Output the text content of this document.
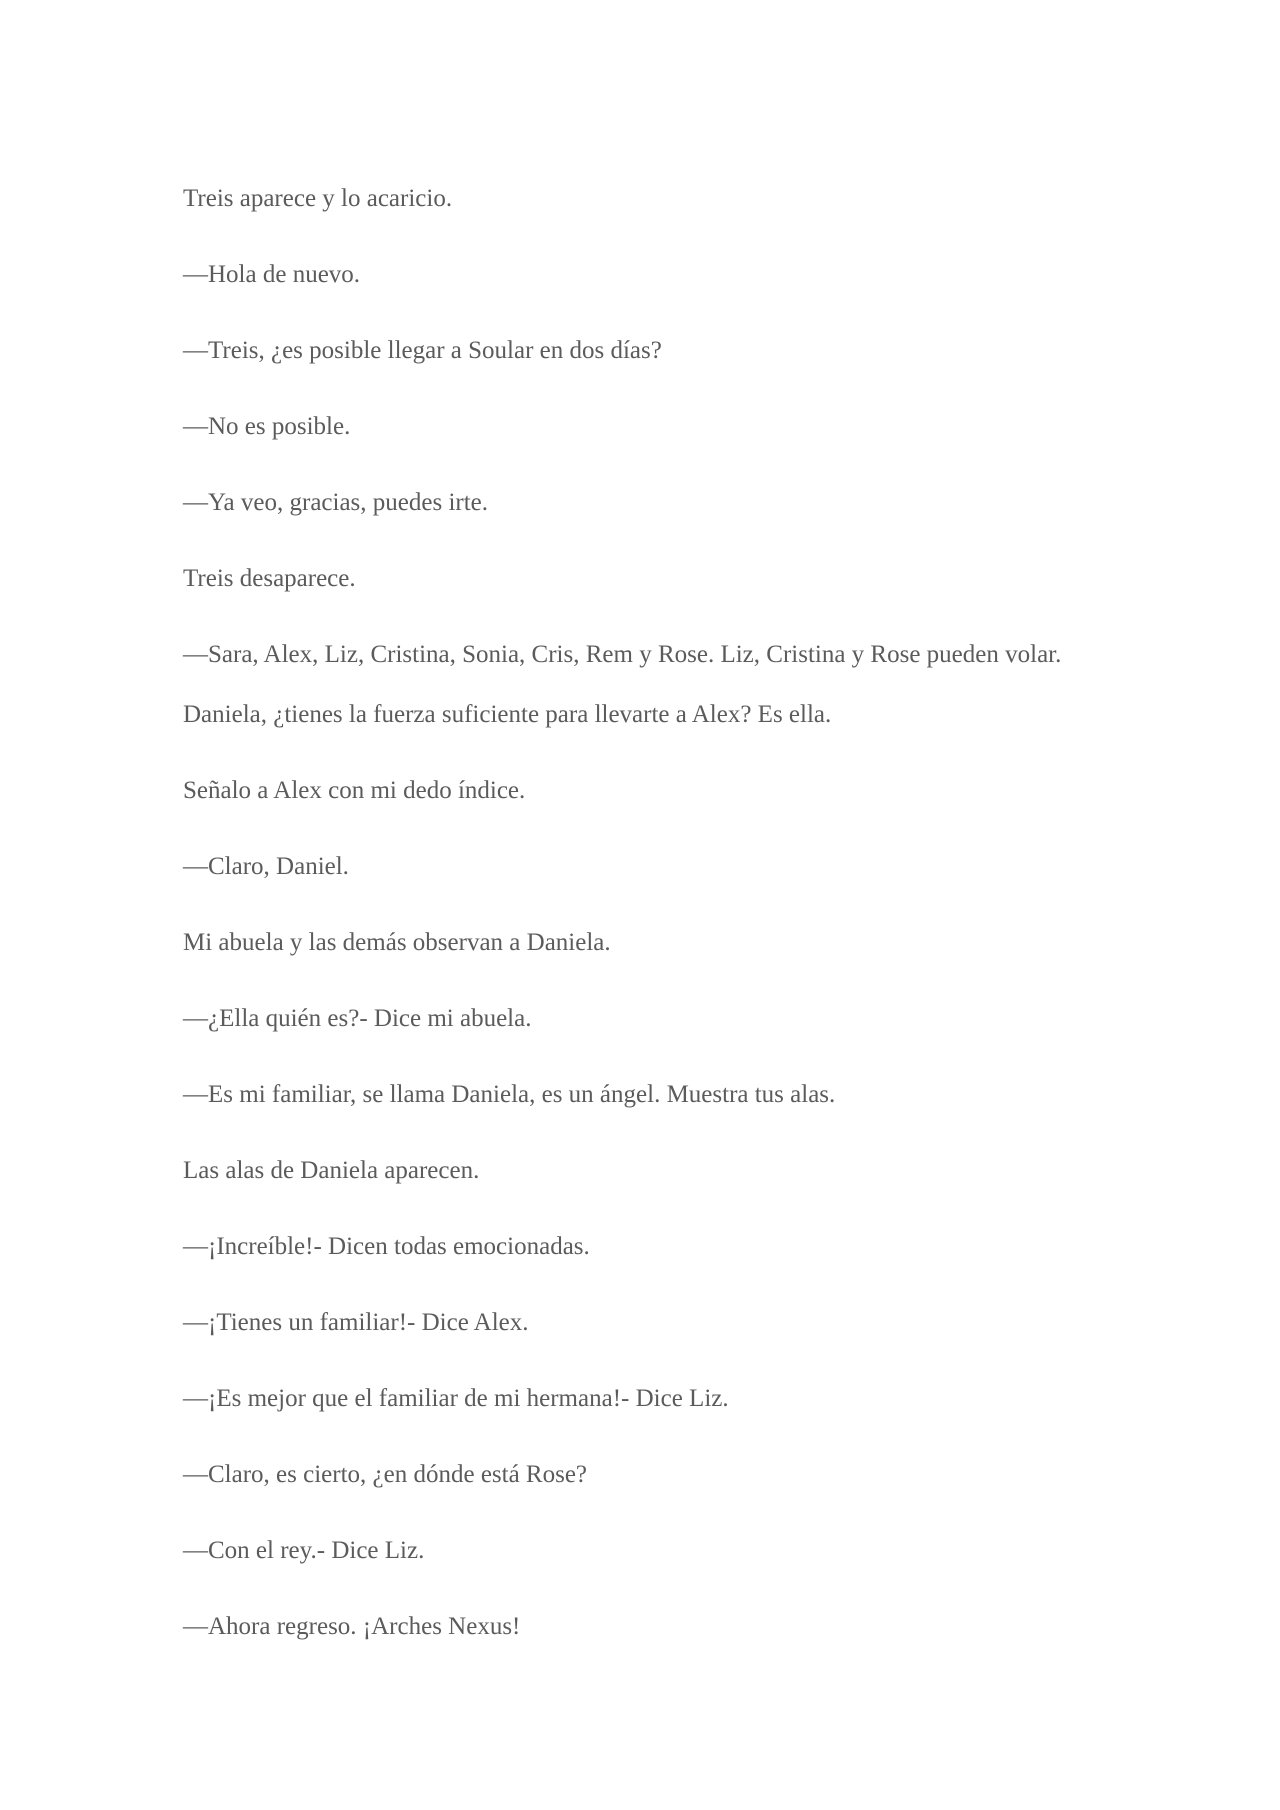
Treis aparece y lo acaricio.

—Hola de nuevo.

—Treis, ¿es posible llegar a Soular en dos días?

—No es posible.

—Ya veo, gracias, puedes irte.

Treis desaparece.

—Sara, Alex, Liz, Cristina, Sonia, Cris, Rem y Rose. Liz, Cristina y Rose pueden volar.

Daniela, ¿tienes la fuerza suficiente para llevarte a Alex? Es ella.

Señalo a Alex con mi dedo índice.

—Claro, Daniel.

Mi abuela y las demás observan a Daniela.

—¿Ella quién es?- Dice mi abuela.

—Es mi familiar, se llama Daniela, es un ángel. Muestra tus alas.

Las alas de Daniela aparecen.

—¡Increíble!- Dicen todas emocionadas.

—¡Tienes un familiar!- Dice Alex.

—¡Es mejor que el familiar de mi hermana!- Dice Liz.

—Claro, es cierto, ¿en dónde está Rose?

—Con el rey.- Dice Liz.

—Ahora regreso. ¡Arches Nexus!
